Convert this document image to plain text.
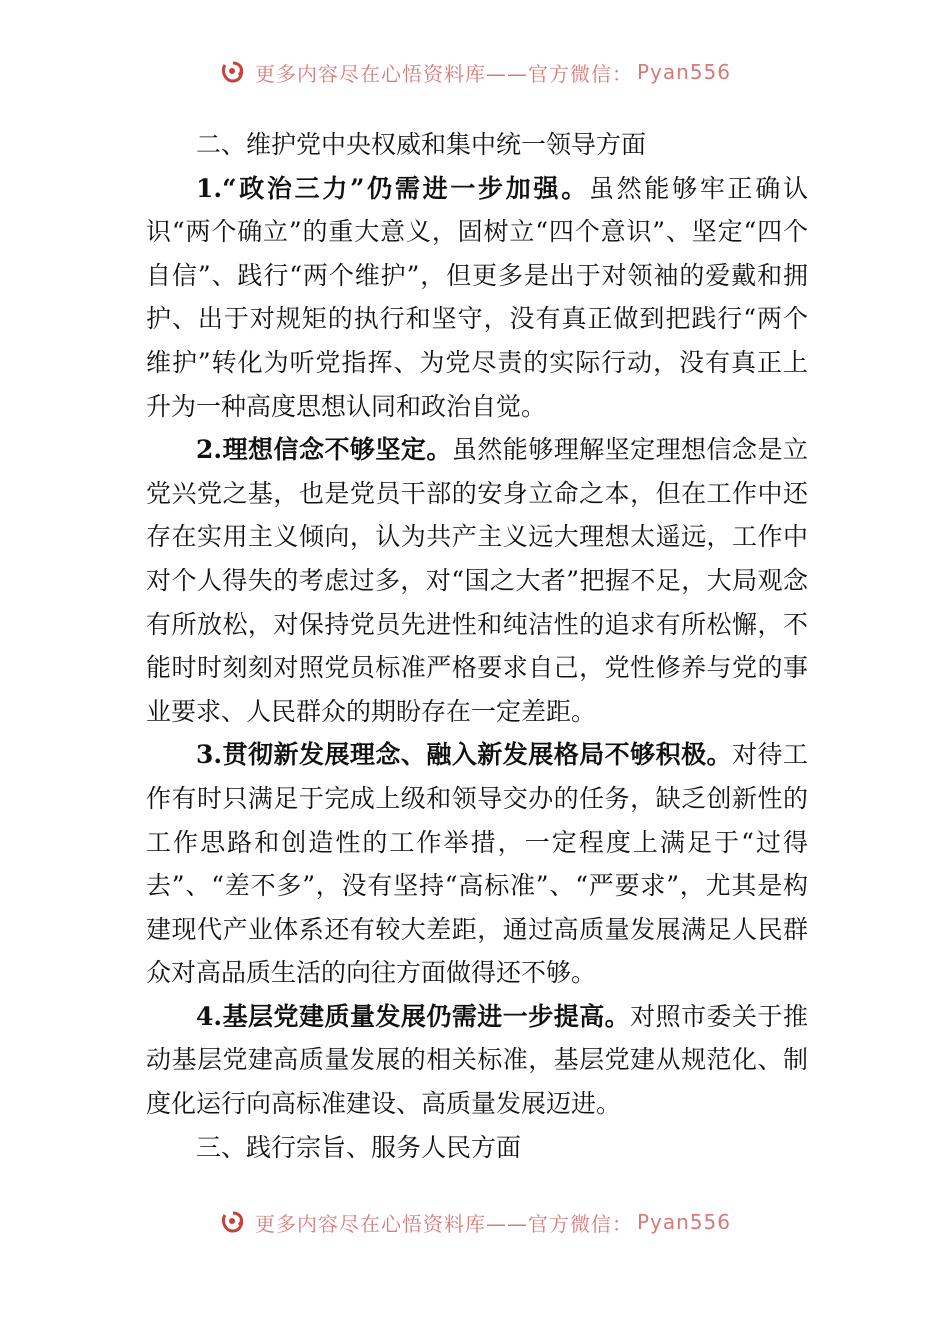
更多内容尽在心悟资料库——官方微信： Pyan556

二、维护党中央权威和集中统一领导方面

1.“政治三力”仍需进一步加强。虽然能够牢正确认识“两个确立”的重大意义，固树立“四个意识”、坚定“四个自信”、践行“两个维护”，但更多是出于对领袖的爱戴和拥护、出于对规矩的执行和坚守，没有真正做到把践行“两个维护”转化为听党指挥、为党尽责的实际行动，没有真正上升为一种高度思想认同和政治自觉。

2.理想信念不够坚定。虽然能够理解坚定理想信念是立党兴党之基，也是党员干部的安身立命之本，但在工作中还存在实用主义倾向，认为共产主义远大理想太遥远，工作中对个人得失的考虑过多，对“国之大者”把握不足，大局观念有所放松，对保持党员先进性和纯洁性的追求有所松懈，不能时时刻刻对照党员标准严格要求自己，党性修养与党的事业要求、人民群众的期盼存在一定差距。

3.贯彻新发展理念、融入新发展格局不够积极。对待工作有时只满足于完成上级和领导交办的任务，缺乏创新性的工作思路和创造性的工作举措，一定程度上满足于“过得去”、“差不多”，没有坚持“高标准”、“严要求”，尤其是构建现代产业体系还有较大差距，通过高质量发展满足人民群众对高品质生活的向往方面做得还不够。

4.基层党建质量发展仍需进一步提高。对照市委关于推动基层党建高质量发展的相关标准，基层党建从规范化、制度化运行向高标准建设、高质量发展迈进。

三、践行宗旨、服务人民方面

更多内容尽在心悟资料库——官方微信： Pyan556
